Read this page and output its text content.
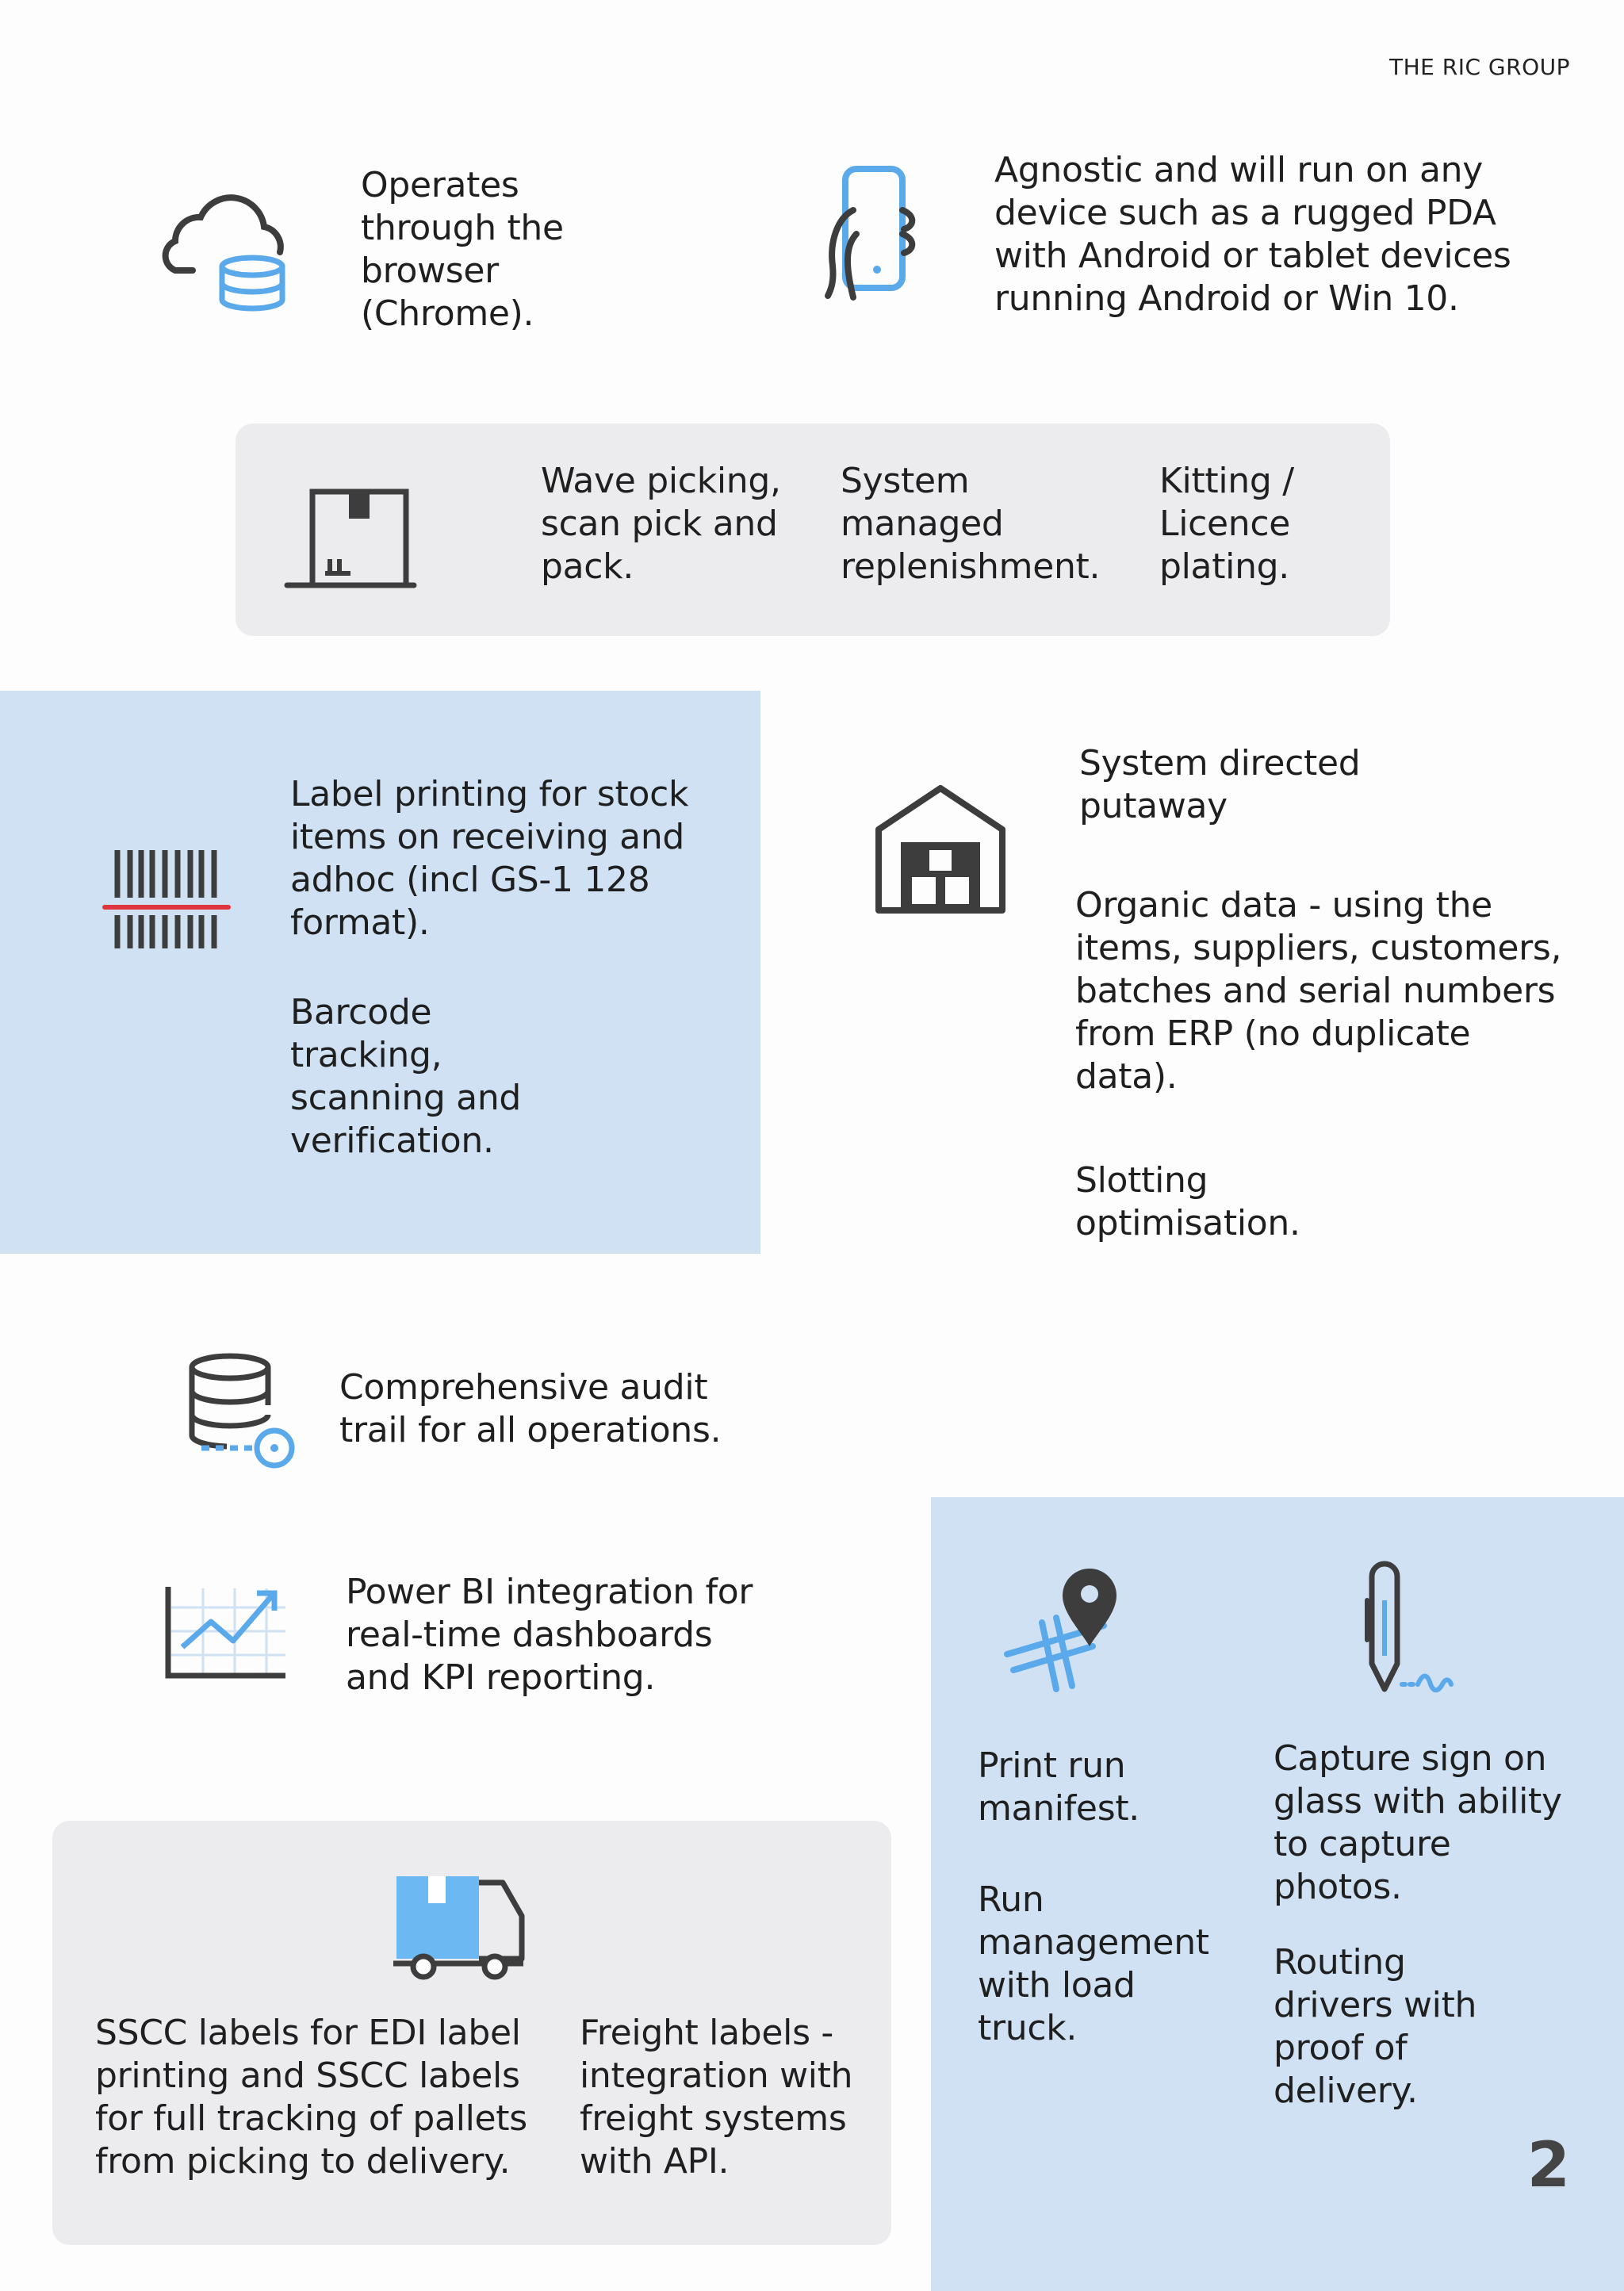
THE RIC GROUP

Operates
through the
browser
(Chrome).

Agnostic and will run on any
device such as a rugged PDA
with Android or tablet devices
running Android or Win 10.

Wave picking,
scan pick and
pack.

System
managed
replenishment.

Kitting /
Licence
plating.

Label printing for stock
items on receiving and
adhoc (incl GS-1 128
format).

Barcode
tracking,
scanning and
verification.

System directed
putaway

Organic data - using the
items, suppliers, customers,
batches and serial numbers
from ERP (no duplicate
data).

Slotting
optimisation.

Comprehensive audit
trail for all operations.

Power BI integration for
real-time dashboards
and KPI reporting.

SSCC labels for EDI label
printing and SSCC labels
for full tracking of pallets
from picking to delivery.

Freight labels -
integration with
freight systems
with API.

Print run
manifest.

Run
management
with load
truck.

Capture sign on
glass with ability
to capture
photos.

Routing
drivers with
proof of
delivery.

2
